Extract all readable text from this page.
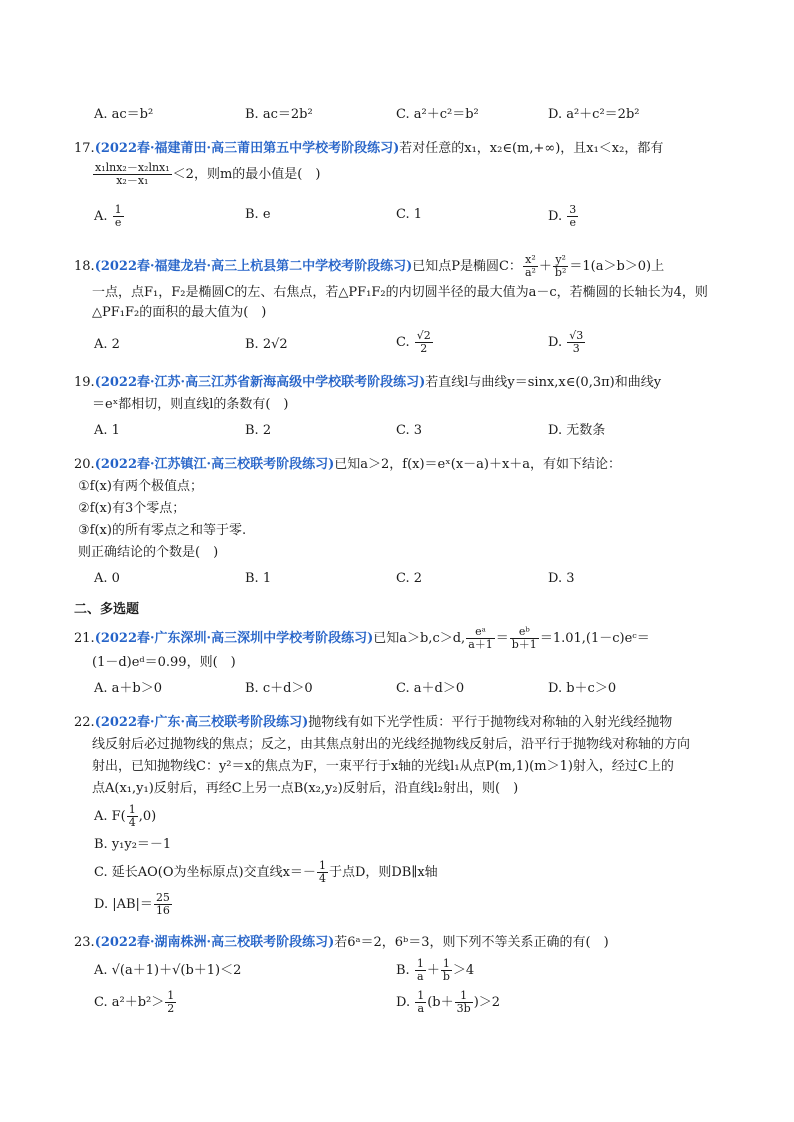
A. ac＝b²	B. ac＝2b²	C. a²＋c²＝b²	D. a²＋c²＝2b²
17.(2022春·福建莆田·高三莆田第五中学校考阶段练习)若对任意的x₁，x₂∈(m,+∞)，且x₁＜x₂，都有
$\frac{\text{x₁lnx₂－x₂lnx₁}}{\text{x₂－x₁}} <2$，则m的最小值是(　)
A. $\frac{1}{e}$	B. e	C. 1	D. $\frac{3}{e}$
18.(2022春·福建龙岩·高三上杭县第二中学校考阶段练习)已知点P是椭圆C： $\frac{\text{x²}}{\text{a²}} + \frac{\text{y²}}{\text{b²}} =1(a>b>0)$上
一点，点F₁，F₂是椭圆C的左、右焦点，若△PF₁F₂的内切圆半径的最大值为a－c，若椭圆的长轴长为4，则
△PF₁F₂的面积的最大值为(　)
A. 2	B. 2√2	C. $\frac{√2}{2}$	D. $\frac{√3}{3}$
19.(2022春·江苏·高三江苏省新海高级中学校联考阶段练习)若直线l与曲线y＝sinx,x∈(0,3π)和曲线y
＝eˣ都相切，则直线l的条数有(　)
A. 1	B. 2	C. 3	D. 无数条
20.(2022春·江苏镇江·高三校联考阶段练习)已知a＞2，f(x)＝eˣ(x－a)＋x＋a，有如下结论：
①f(x)有两个极值点；
②f(x)有3个零点；
③f(x)的所有零点之和等于零.
则正确结论的个数是(　)
A. 0	B. 1	C. 2	D. 3
二、多选题
21.(2022春·广东深圳·高三深圳中学校考阶段练习)已知a＞b,c＞d, $\frac{\text{eᵃ}}{a+1} = \frac{\text{eᵇ}}{b+1}$ ＝1.01,(1－c)eᶜ＝
(1－d)eᵈ＝0.99，则(　)
A. a＋b＞0	B. c＋d＞0	C. a＋d＞0	D. b＋c＞0
22.(2022春·广东·高三校联考阶段练习)抛物线有如下光学性质：平行于抛物线对称轴的入射光线经抛物
线反射后必过抛物线的焦点；反之，由其焦点射出的光线经抛物线反射后，沿平行于抛物线对称轴的方向
射出，已知抛物线C：y²＝x的焦点为F，一束平行于x轴的光线l₁从点P(m,1)(m＞1)射入，经过C上的
点A(x₁,y₁)反射后，再经C上另一点B(x₂,y₂)反射后，沿直线l₂射出，则(　)
A. $F( \frac{1}{4} ,0)$
B. y₁y₂＝－1
C. 延长AO(O为坐标原点)交直线$x=- \frac{1}{4}$ 于点D，则DB∥x轴
D. $|AB|= \frac{25}{16}$
23.(2022春·湖南株洲·高三校联考阶段练习)若6ᵃ＝2，6ᵇ＝3，则下列不等关系正确的有(　)
A. √(a＋1)＋√(b＋1)＜2	B. $\frac{1}{a} + \frac{1}{b} >4$
C. $a^2+b^2> \frac{1}{2}$	D. $\frac{1}{a} (b+ \frac{1}{3b} )>2$
